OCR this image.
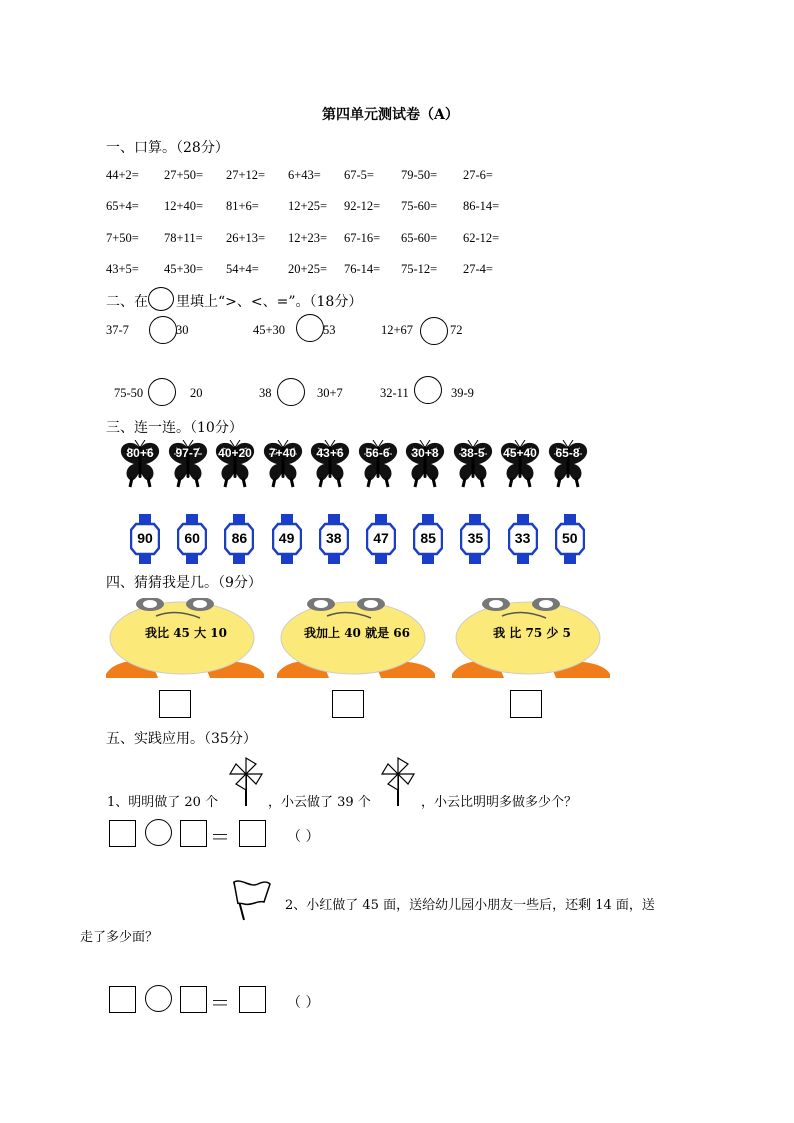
第四单元测试卷（A）
一、口算。（28分）
44+2= 27+50= 27+12= 6+43= 67-5= 79-50= 27-6=
65+4= 12+40= 81+6= 12+25= 92-12= 75-60= 86-14=
7+50= 78+11= 26+13= 12+23= 67-16= 65-60= 62-12=
43+5= 45+30= 54+4= 20+25= 76-14= 75-12= 27-4=
二、在 里填上“>、<、=”。（18分）
37-7	30	45+30	53	12+67	72
75-50	20	38	30+7	32-11	39-9
三、连一连。（10分）
80+6	97-7	40+20	7+40	43+6	56-6	30+8	38-5	45+40	65-8
90	60	86	49	38	47	85	35	33	50
四、猜猜我是几。（9分）
我比 45 大 10	我加上 40 就是 66	我 比 75 少 5
五、实践应用。（35分）
1、明明做了 20 个	，小云做了 39 个	，小云比明明多做多少个？
＝	（ ）
2、小红做了 45 面，送给幼儿园小朋友一些后，还剩 14 面，送
走了多少面？
＝	（ ）
